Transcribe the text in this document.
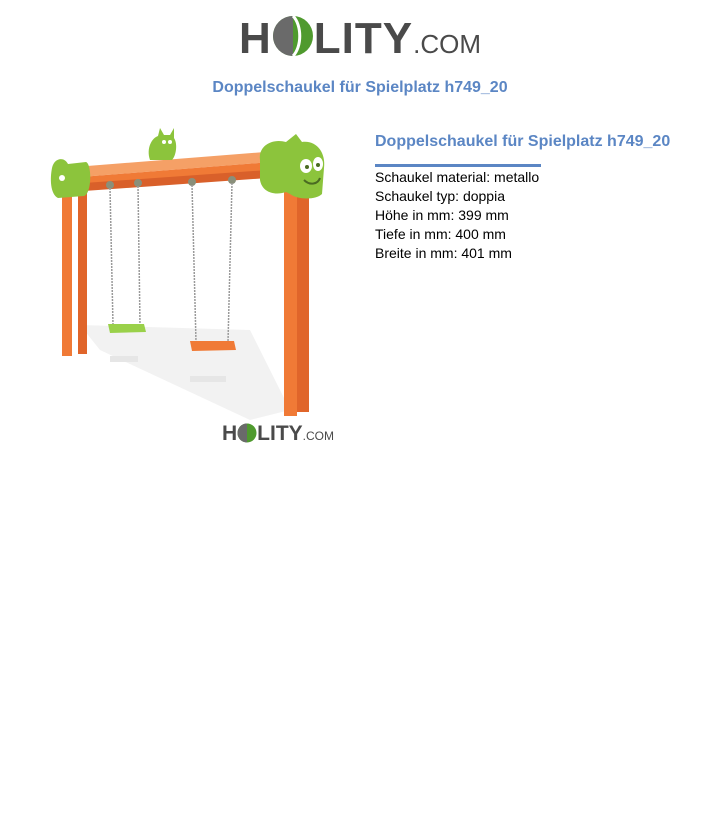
H LITY.COM
Doppelschaukel für Spielplatz h749_20
H LITY.COM
Doppelschaukel für Spielplatz h749_20
Schaukel material: metallo
Schaukel typ: doppia
Höhe in mm: 399 mm
Tiefe in mm: 400 mm
Breite in mm: 401 mm
